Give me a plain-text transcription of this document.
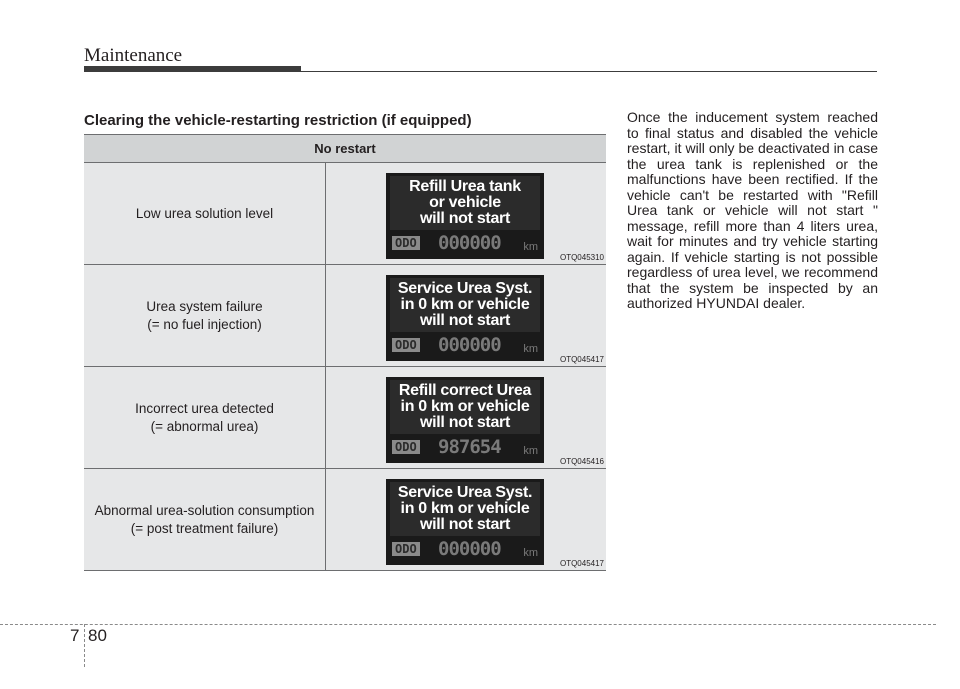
Maintenance
Clearing the vehicle-restarting restriction (if equipped)
No restart
Low urea solution level
Refill Urea tank
or vehicle
will not start
ODO 000000 km
OTQ045310
Urea system failure
(= no fuel injection)
Service Urea Syst.
in 0 km or vehicle
will not start
ODO 000000 km
OTQ045417
Incorrect urea detected
(= abnormal urea)
Refill correct Urea
in 0 km or vehicle
will not start
ODO 987654 km
OTQ045416
Abnormal urea-solution consumption
(= post treatment failure)
Service Urea Syst.
in 0 km or vehicle
will not start
ODO 000000 km
OTQ045417
Once the inducement system reached to final status and disabled the vehicle restart, it will only be deactivated in case the urea tank is replenished or the malfunctions have been rectified. If the vehicle can't be restarted with "Refill Urea tank or vehicle will not start " message, refill more than 4 liters urea, wait for minutes and try vehicle starting again. If vehicle starting is not possible regardless of urea level, we recommend that the system be inspected by an authorized HYUNDAI dealer.
7 80
